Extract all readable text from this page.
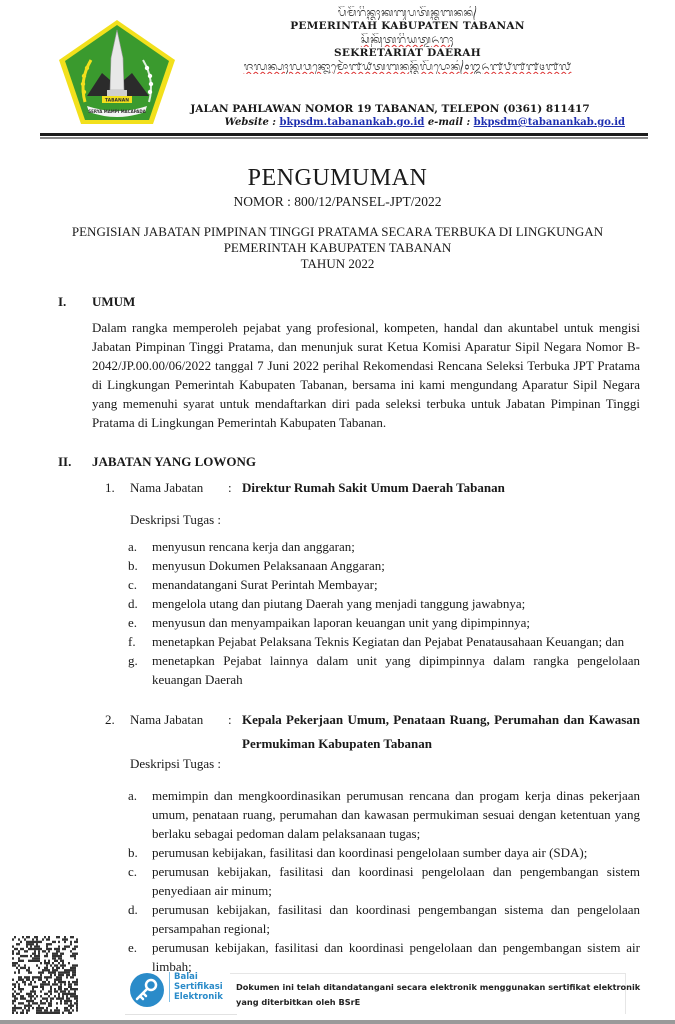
TABANAN
SERYA MAMPI MACAPADA
ᬧᭂᬫᭂᬭᬶᬦ᭄ᬢᬄᬓᬩᬸᬧᬢᭂᬦ᭄ᬢᬩᬦᬦ᭄
PEMERINTAH KABUPATEN TABANAN
ᬲᭂᬓ᭄ᬭᭂᬢᬭᬶᬬᬢ᭄ᬤᬏᬭᬄ
SEKRETARIAT DAERAH
ᬚᬮᬦ᭄ᬧᬄᬮᬯᬦ᭄ᬦᭀᬫᭀᬃ᭑᭙ᬢᬩᬦᬦ᭄ᬢᭂᬮᭂᬧᭀᬦ᭄᭐᭓᭖᭑᭘᭑᭑᭔᭑᭗
JALAN PAHLAWAN NOMOR 19 TABANAN, TELEPON (0361) 811417
Website : bkpsdm.tabanankab.go.id e-mail : bkpsdm@tabanankab.go.id
PENGUMUMAN
NOMOR : 800/12/PANSEL-JPT/2022
PENGISIAN JABATAN PIMPINAN TINGGI PRATAMA SECARA TERBUKA DI LINGKUNGAN
PEMERINTAH KABUPATEN TABANAN
TAHUN 2022
I. UMUM
Dalam rangka memperoleh pejabat yang profesional, kompeten, handal dan akuntabel untuk mengisi Jabatan Pimpinan Tinggi Pratama, dan menunjuk surat Ketua Komisi Aparatur Sipil Negara Nomor B-2042/JP.00.00/06/2022 tanggal 7 Juni 2022 perihal Rekomendasi Rencana Seleksi Terbuka JPT Pratama di Lingkungan Pemerintah Kabupaten Tabanan, bersama ini kami mengundang Aparatur Sipil Negara yang memenuhi syarat untuk mendaftarkan diri pada seleksi terbuka untuk Jabatan Pimpinan Tinggi Pratama di Lingkungan Pemerintah Kabupaten Tabanan.
II. JABATAN YANG LOWONG
1. Nama Jabatan : Direktur Rumah Sakit Umum Daerah Tabanan
Deskripsi Tugas :
a. menyusun rencana kerja dan anggaran;
b. menyusun Dokumen Pelaksanaan Anggaran;
c. menandatangani Surat Perintah Membayar;
d. mengelola utang dan piutang Daerah yang menjadi tanggung jawabnya;
e. menyusun dan menyampaikan laporan keuangan unit yang dipimpinnya;
f. menetapkan Pejabat Pelaksana Teknis Kegiatan dan Pejabat Penatausahaan Keuangan; dan
g. menetapkan Pejabat lainnya dalam unit yang dipimpinnya dalam rangka pengelolaan keuangan Daerah
2. Nama Jabatan : Kepala Pekerjaan Umum, Penataan Ruang, Perumahan dan Kawasan Permukiman Kabupaten Tabanan
Deskripsi Tugas :
a. memimpin dan mengkoordinasikan perumusan rencana dan progam kerja dinas pekerjaan umum, penataan ruang, perumahan dan kawasan permukiman sesuai dengan ketentuan yang berlaku sebagai pedoman dalam pelaksanaan tugas;
b. perumusan kebijakan, fasilitasi dan koordinasi pengelolaan sumber daya air (SDA);
c. perumusan kebijakan, fasilitasi dan koordinasi pengelolaan dan pengembangan sistem penyediaan air minum;
d. perumusan kebijakan, fasilitasi dan koordinasi pengembangan sistema dan pengelolaan persampahan regional;
e. perumusan kebijakan, fasilitasi dan koordinasi pengelolaan dan pengembangan sistem air limbah;
Balai
Sertifikasi
Elektronik
Dokumen ini telah ditandatangani secara elektronik menggunakan sertifikat elektronik
yang diterbitkan oleh BSrE
